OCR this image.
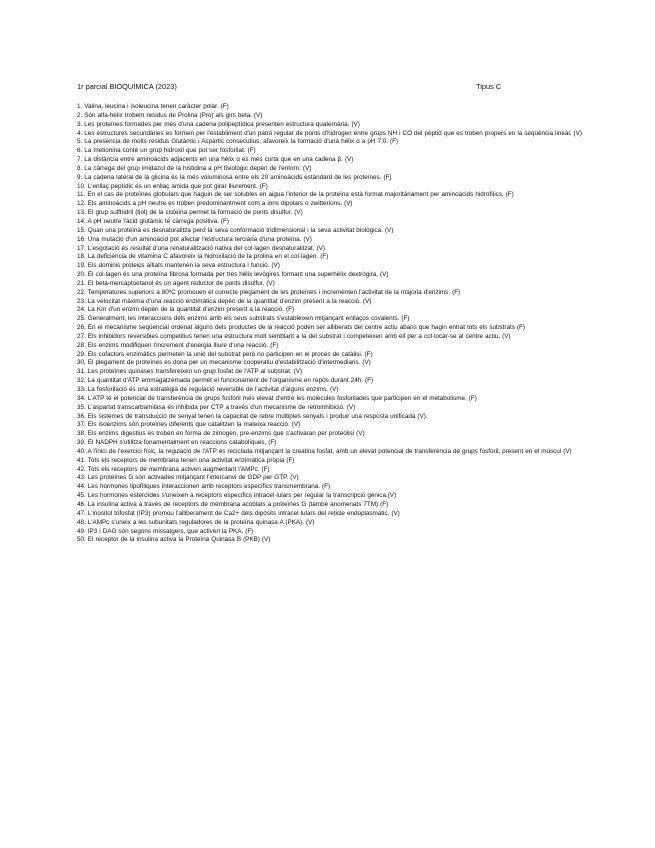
1r parcial BIOQUÍMICA (2023)	Tipus C

1. Valina, leucina i isoleucina tenen caràcter polar. (F)

2. Són alfa-hèlix trobem residus de Prolina (Pro) als girs beta. (V)

3. Les proteïnes formades per més d'una cadena polipeptídica presenten estructura quaternària. (V)

4. Les estructures secundàries es formen per l'establiment d'un patró regular de ponts d'hidrogen entre grups NH i CO del pèptid que es troben propers en la seqüència lineal. (V)

5. La presència de molts residus Glutàmic i Aspàrtic consecutius, afavoreix la formació d'una hèlix α a pH 7,0. (F)

6. La metionina conté un grup hidroxil que pot ser fosforilat. (F)

7. La distància entre aminoàcids adjacents en una hèlix α és més curta que en una cadena β. (V)

8. La càrrega del grup imidazol de la histidina a pH fisiològic depèn de l'entorn. (V)

9. La cadena lateral de la glicina és la més voluminosa entre els 20 aminoàcids estàndard de les proteïnes. (F)

10. L'enllaç peptídic és un enllaç amida que pot girar lliurement. (F)

11. En el cas de proteïnes globulars que haguin de ser solubles en aigua l'interior de la proteïna està format majoritàriament per aminoàcids hidrofílics. (F)

12. Els aminoàcids a pH neutre es troben predominantment com a ions dipolars o zwitterions. (V)

13. El grup sulfhidril (tiol) de la cisteïna permet la formació de ponts disulfur. (V)

14. A pH neutre l'àcid glutàmic té càrrega positiva. (F)

15. Quan una proteïna es desnaturalitza perd la seva conformació tridimensional i la seva activitat biològica. (V)

16. Una mutació d'un aminoàcid pot afectar l'estructura terciària d'una proteïna. (V)

17. L'esgotació és resultat d'una renaturalització nativa del col·lagen desnaturalitzat. (V)

18. La deficiència de vitamina C afavoreix la hidroxilació de la prolina en el col·lagen. (F)

19. Els dominis proteics aïllats mantenen la seva estructura i funció. (V)

20. El col·lagen és una proteïna fibrosa formada per tres hèlix levògires formant una superhèlix dextrògira. (V)

21. El beta-mercaptoetanol és un agent reductor de ponts disulfur. (V)

22. Temperatures superiors a 80ºC promouen el correcte plegament de les proteïnes i incrementen l'activitat de la majoria d'enzims. (F)

23. La velocitat màxima d'una reacció enzimàtica depèn de la quantitat d'enzim present a la reacció. (V)

24. La Km d'un enzim depèn de la quantitat d'enzim present a la reacció. (F)

25. Generalment, les interaccions dels enzims amb els seus substrats s'estableixen mitjançant enllaços covalents. (F)

26. En el mecanisme seqüencial ordenat alguns dels productes de la reacció poden ser alliberats del centre actiu abans que hagin entrat tots els substrats (F)

27. Els inhibidors reversibles competitius tenen una estructura molt semblant a la del substrat i competeixen amb ell per a col·locar-se al centre actiu. (V)

28. Els enzims modifiquen l'increment d'energia lliure d'una reacció. (F)

29. Els cofactors enzimàtics permeten la unió del substrat però no participen en el procés de catàlisi. (F)

30. El plegament de proteïnes es dona per un mecanisme cooperatiu d'estabilització d'intermediaris. (V)

31. Les proteïnes quinases transfereixen un grup fosfat de l'ATP al substrat. (V)

32. La quantitat d'ATP emmagatzemada permet el funcionament de l'organisme en repòs durant 24h. (F)

33. La fosforilació és una estratègia de regulació reversible de l'activitat d'alguns enzims. (V)

34. L'ATP té el potencial de transferència de grups fosforil més elevat d'entre les molècules fosforilades que participen en el metabolisme. (F)

35. L'aspartat transcarbamilasa és inhibida per CTP a través d'un mecanisme de retroinhibició. (V)

36. Els sistemes de transducció de senyal tenen la capacitat de rebre múltiples senyals i produir una resposta unificada (V).

37. Els isoenzims són proteïnes diferents que catalitzen la mateixa reacció. (V)

38. Els enzims digestius es troben en forma de zimogen, pre-enzims que s'activaran per proteòlisi (V)

39. El NADPH s'utilitza fonamentalment en reaccions catabòliques. (F)

40. A l'inici de l'exercici físic, la regulació de l'ATP és reciclada mitjançant la creatina fosfat, amb un elevat potencial de transferència de grups fosforil, present en el múscul (V)

41. Tots els receptors de membrana tenen una activitat enzimàtica pròpia (F)

42. Tots els receptors de membrana activen augmentant l'AMPc. (F)

43. Les proteïnes G són activades mitjançant l'intercanvi de GDP per GTP. (V)

44. Les hormones lipofíliques interaccionen amb receptors específics transmembrana. (F)

45. Les hormones esteroïdes s'uneixen a receptors específics intracel·lulars per regular la transcripció gènica.(V)

46. La insulina activa a través de receptors de membrana acoblats a proteïnes G (també anomenats 7TM) (F)

47. L'inositol trifosfat (IP3) promou l'alliberament de Ca2+ dels dipòsits intracel·lulars del reticle endoplasmàtic. (V)

48. L'AMPc s'uneix a les subunitats reguladores de la proteïna quinasa A (PKA). (V)

49. IP3 i DAG són segons missatgers, que activen la PKA. (F)

50. El receptor de la insulina activa la Proteïna Quinasa B (PKB) (V)
